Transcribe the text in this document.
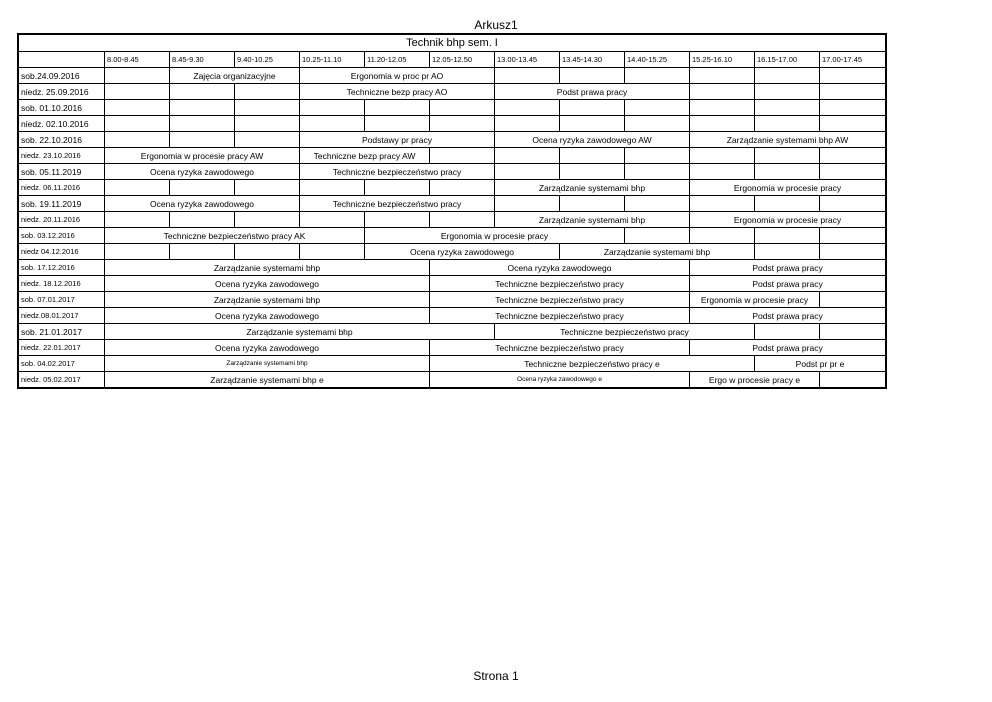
Arkusz1
Technik bhp sem. I												
	8.00-8.45	8.45-9.30	9.40-10.25	10.25-11.10	11.20-12.05	12.05-12.50	13.00-13.45	13.45-14.30	14.40-15.25	15.25-16.10	16.15-17.00	17.00-17.45
sob.24.09.2016		Zajęcia organizacyjne		Ergonomia w proc pr AO								
niedz. 25.09.2016				Techniczne bezp pracy AO			Podst prawa pracy					
sob. 01.10.2016												
niedz. 02.10.2016												
sob. 22.10.2016				Podstawy pr pracy			Ocena ryzyka zawodowego AW			Zarządzanie systemami bhp AW		
niedz. 23.10.2016	Ergonomia w procesie pracy AW			Techniczne bezp pracy AW								
sob. 05.11.2019	Ocena ryzyka zawodowego			Techniczne bezpieczeństwo pracy								
niedz. 06.11.2016							Zarządzanie systemami bhp			Ergonomia w procesie pracy		
sob. 19.11.2019	Ocena ryzyka zawodowego			Techniczne bezpieczeństwo pracy								
niedz. 20.11.2016							Zarządzanie systemami bhp			Ergonomia w procesie pracy		
sob. 03.12.2016	Techniczne bezpieczeństwo pracy AK				Ergonomia w procesie pracy							
niedz 04.12.2016					Ocena ryzyka zawodowego			Zarządzanie systemami bhp				
sob. 17.12.2016	Zarządzanie systemami bhp					Ocena ryzyka zawodowego				Podst prawa pracy		
niedz. 18.12.2016	Ocena ryzyka zawodowego					Techniczne bezpieczeństwo pracy				Podst prawa pracy		
sob. 07.01.2017	Zarządzanie systemami bhp					Techniczne bezpieczeństwo pracy				Ergonomia w procesie pracy		
niedz.08.01.2017	Ocena ryzyka zawodowego					Techniczne bezpieczeństwo pracy				Podst prawa pracy		
sob. 21.01.2017	Zarządzanie systemami bhp						Techniczne bezpieczeństwo pracy					
niedz. 22.01.2017	Ocena ryzyka zawodowego					Techniczne bezpieczeństwo pracy				Podst prawa pracy		
sob. 04.02.2017	Zarządzanie systemami bhp					Techniczne bezpieczeństwo pracy e					Podst pr pr e	
niedz. 05.02.2017	Zarządzanie systemami bhp e					Ocena ryzyka zawodowego e				Ergo w procesie pracy e		
Strona 1
